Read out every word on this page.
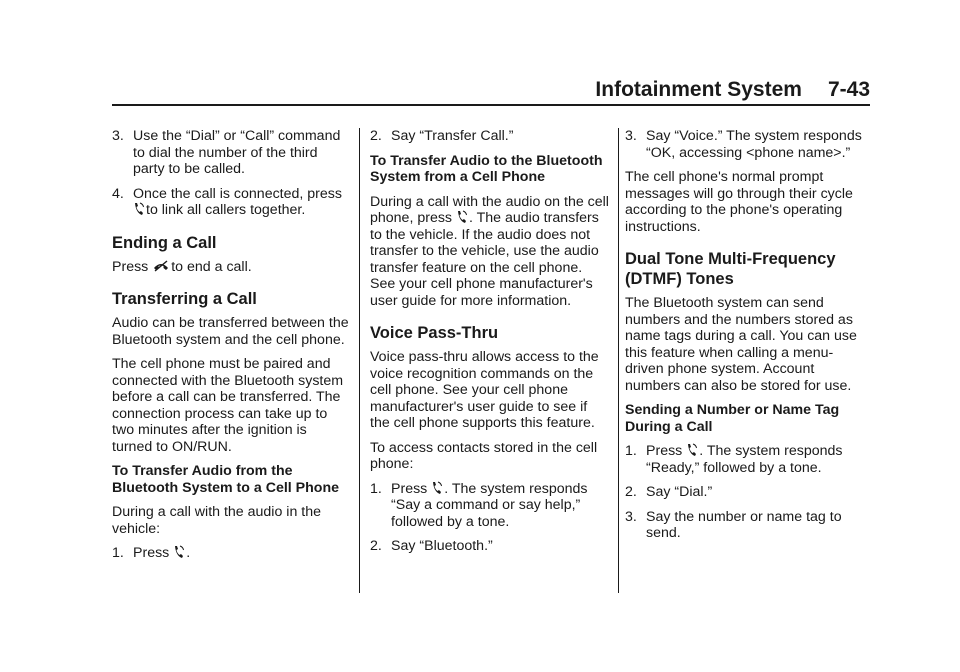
Infotainment System 7-43

3. Use the “Dial” or “Call” command to dial the number of the third party to be called.

4. Once the call is connected, press
to link all callers together.

Ending a Call

Press to end a call.

Transferring a Call

Audio can be transferred between the Bluetooth system and the cell phone.

The cell phone must be paired and connected with the Bluetooth system before a call can be transferred. The connection process can take up to two minutes after the ignition is turned to ON/RUN.

To Transfer Audio from the Bluetooth System to a Cell Phone

During a call with the audio in the vehicle:

1. Press .

2. Say “Transfer Call.”

To Transfer Audio to the Bluetooth System from a Cell Phone

During a call with the audio on the cell phone, press . The audio transfers to the vehicle. If the audio does not transfer to the vehicle, use the audio transfer feature on the cell phone. See your cell phone manufacturer's user guide for more information.

Voice Pass-Thru

Voice pass-thru allows access to the voice recognition commands on the cell phone. See your cell phone manufacturer's user guide to see if the cell phone supports this feature.

To access contacts stored in the cell phone:

1. Press . The system responds “Say a command or say help,” followed by a tone.

2. Say “Bluetooth.”

3. Say “Voice.” The system responds “OK, accessing <phone name>.”

The cell phone's normal prompt messages will go through their cycle according to the phone's operating instructions.

Dual Tone Multi-Frequency (DTMF) Tones

The Bluetooth system can send numbers and the numbers stored as name tags during a call. You can use this feature when calling a menu-driven phone system. Account numbers can also be stored for use.

Sending a Number or Name Tag During a Call

1. Press . The system responds “Ready,” followed by a tone.

2. Say “Dial.”

3. Say the number or name tag to send.
